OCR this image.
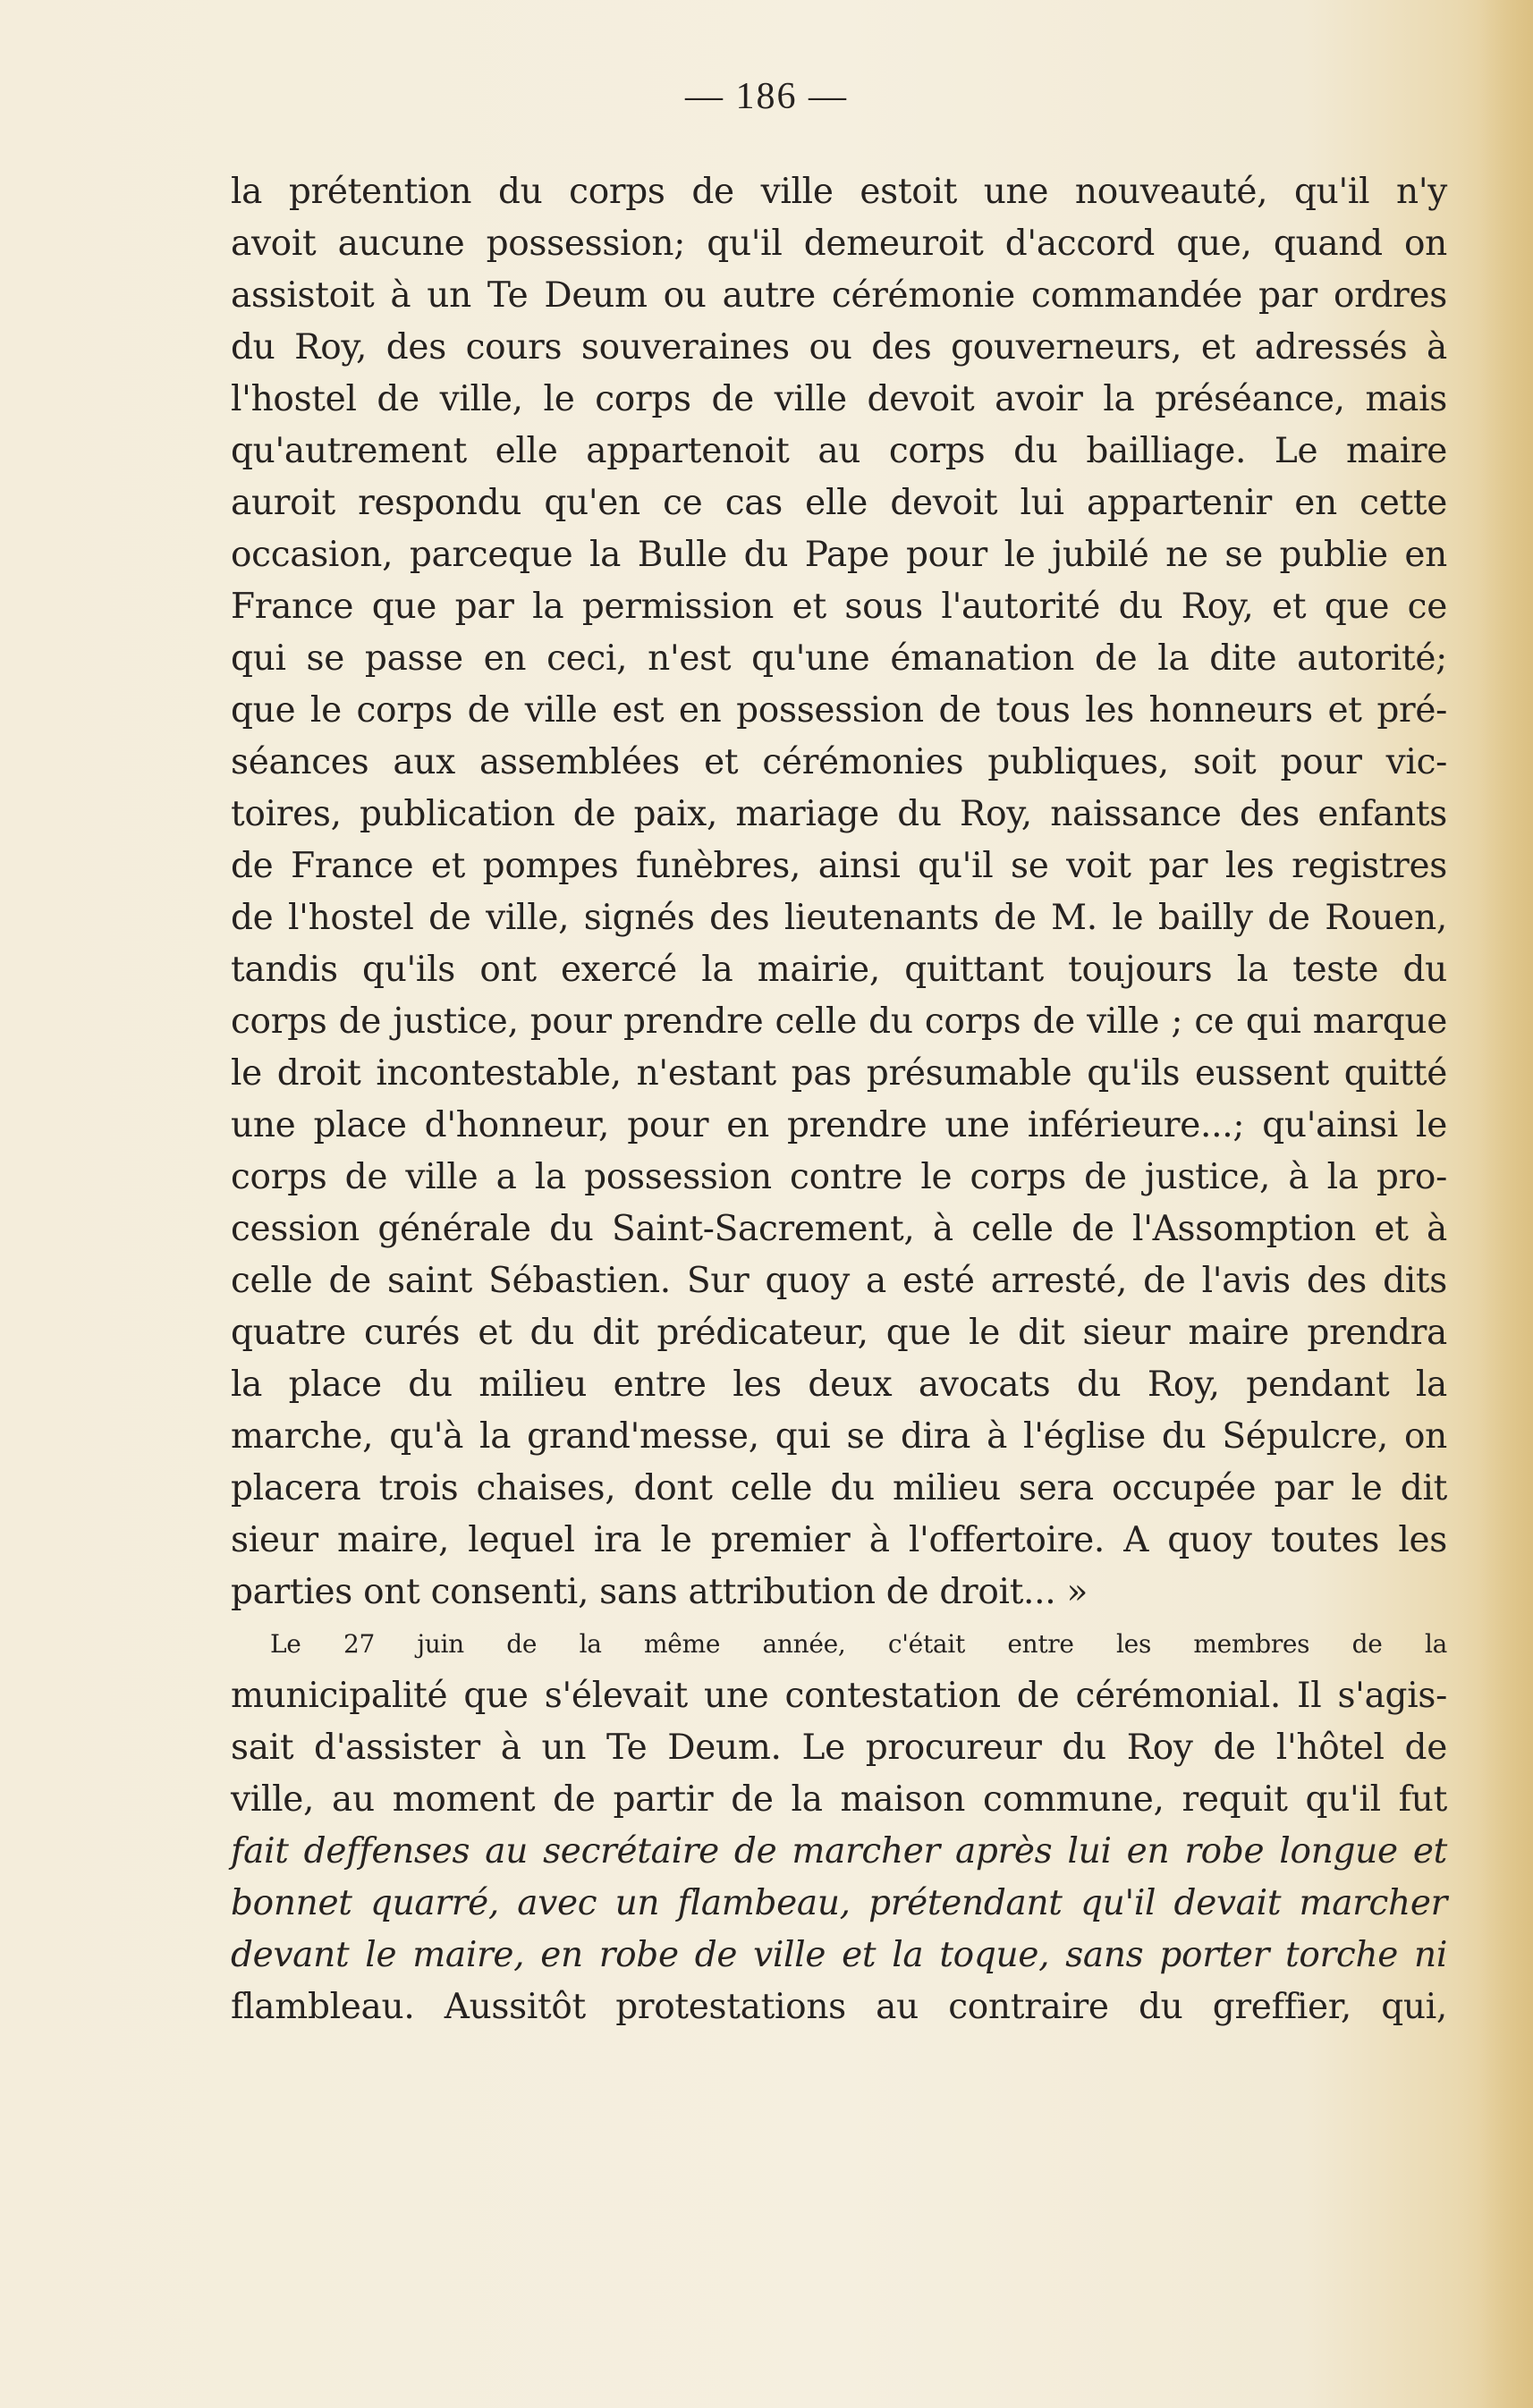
— 186 —
la prétention du corps de ville estoit une nouveauté, qu'il n'y
avoit aucune possession; qu'il demeuroit d'accord que, quand on
assistoit à un Te Deum ou autre cérémonie commandée par ordres
du Roy, des cours souveraines ou des gouverneurs, et adressés à
l'hostel de ville, le corps de ville devoit avoir la préséance, mais
qu'autrement elle appartenoit au corps du bailliage. Le maire
auroit respondu qu'en ce cas elle devoit lui appartenir en cette
occasion, parceque la Bulle du Pape pour le jubilé ne se publie en
France que par la permission et sous l'autorité du Roy, et que ce
qui se passe en ceci, n'est qu'une émanation de la dite autorité;
que le corps de ville est en possession de tous les honneurs et pré-
séances aux assemblées et cérémonies publiques, soit pour vic-
toires, publication de paix, mariage du Roy, naissance des enfants
de France et pompes funèbres, ainsi qu'il se voit par les registres
de l'hostel de ville, signés des lieutenants de M. le bailly de Rouen,
tandis qu'ils ont exercé la mairie, quittant toujours la teste du
corps de justice, pour prendre celle du corps de ville ; ce qui marque
le droit incontestable, n'estant pas présumable qu'ils eussent quitté
une place d'honneur, pour en prendre une inférieure...; qu'ainsi le
corps de ville a la possession contre le corps de justice, à la pro-
cession générale du Saint-Sacrement, à celle de l'Assomption et à
celle de saint Sébastien. Sur quoy a esté arresté, de l'avis des dits
quatre curés et du dit prédicateur, que le dit sieur maire prendra
la place du milieu entre les deux avocats du Roy, pendant la
marche, qu'à la grand'messe, qui se dira à l'église du Sépulcre, on
placera trois chaises, dont celle du milieu sera occupée par le dit
sieur maire, lequel ira le premier à l'offertoire. A quoy toutes les
parties ont consenti, sans attribution de droit... »
Le 27 juin de la même année, c'était entre les membres de la
municipalité que s'élevait une contestation de cérémonial. Il s'agis-
sait d'assister à un Te Deum. Le procureur du Roy de l'hôtel de
ville, au moment de partir de la maison commune, requit qu'il fut
fait deffenses au secrétaire de marcher après lui en robe longue et
bonnet quarré, avec un flambeau, prétendant qu'il devait marcher
devant le maire, en robe de ville et la toque, sans porter torche ni
flambleau. Aussitôt protestations au contraire du greffier, qui,
